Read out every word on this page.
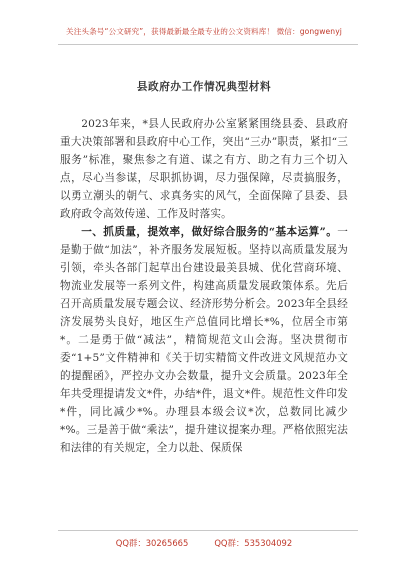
关注头条号“公文研究”，获得最新最全最专业的公文资料库！ 微信：gongwenyj
县政府办工作情况典型材料

2023年来，*县人民政府办公室紧紧围绕县委、县政府重大决策部署和县政府中心工作，突出“三办”职责，紧扣“三服务”标准，聚焦参之有道、谋之有方、助之有力三个切入点，尽心当参谋，尽职抓协调，尽力强保障，尽责搞服务，以勇立潮头的朝气、求真务实的风气，全面保障了县委、县政府政令高效传递、工作及时落实。

一、抓质量，提效率，做好综合服务的“基本运算”。一是勤于做“加法”，补齐服务发展短板。坚持以高质量发展为引领，牵头各部门起草出台建设最美县城、优化营商环境、物流业发展等一系列文件，构建高质量发展政策体系。先后召开高质量发展专题会议、经济形势分析会。2023年全县经济发展势头良好，地区生产总值同比增长*%，位居全市第*。二是勇于做“减法”，精简规范文山会海。坚决贯彻市委“1+5”文件精神和《关于切实精简文件改进文风规范办文的提醒函》，严控办文办会数量，提升文会质量。2023年全年共受理提请发文*件，办结*件，退文*件。规范性文件印发*件，同比减少*%。办理县本级会议*次，总数同比减少*%。三是善于做“乘法”，提升建议提案办理。严格依照宪法和法律的有关规定，全力以赴、保质保

QQ群：30265665	QQ群：535304092
